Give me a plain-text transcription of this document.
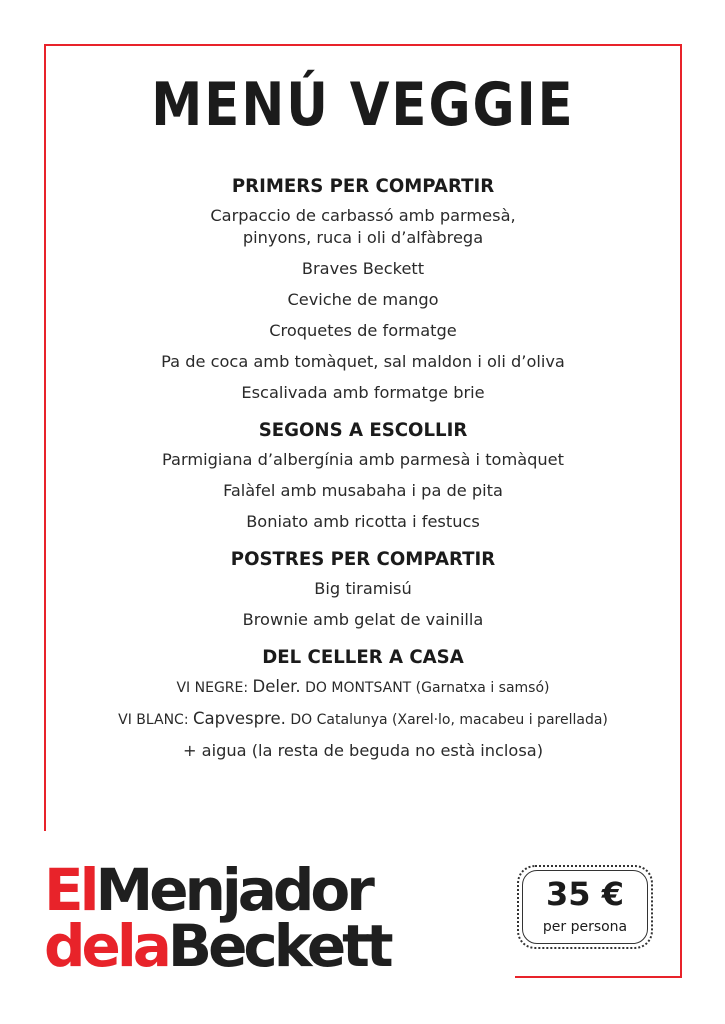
MENÚ VEGGIE
PRIMERS PER COMPARTIR
Carpaccio de carbassó amb parmesà,
pinyons, ruca i oli d’alfàbrega
Braves Beckett
Ceviche de mango
Croquetes de formatge
Pa de coca amb tomàquet, sal maldon i oli d’oliva
Escalivada amb formatge brie
SEGONS A ESCOLLIR
Parmigiana d’albergínia amb parmesà i tomàquet
Falàfel amb musabaha i pa de pita
Boniato amb ricotta i festucs
POSTRES PER COMPARTIR
Big tiramisú
Brownie amb gelat de vainilla
DEL CELLER A CASA
VI NEGRE: Deler. DO MONTSANT (Garnatxa i samsó)
VI BLANC: Capvespre. DO Catalunya (Xarel·lo, macabeu i parellada)
+ aigua (la resta de beguda no està inclosa)
ElMenjador
delaBeckett
35 €
per persona
